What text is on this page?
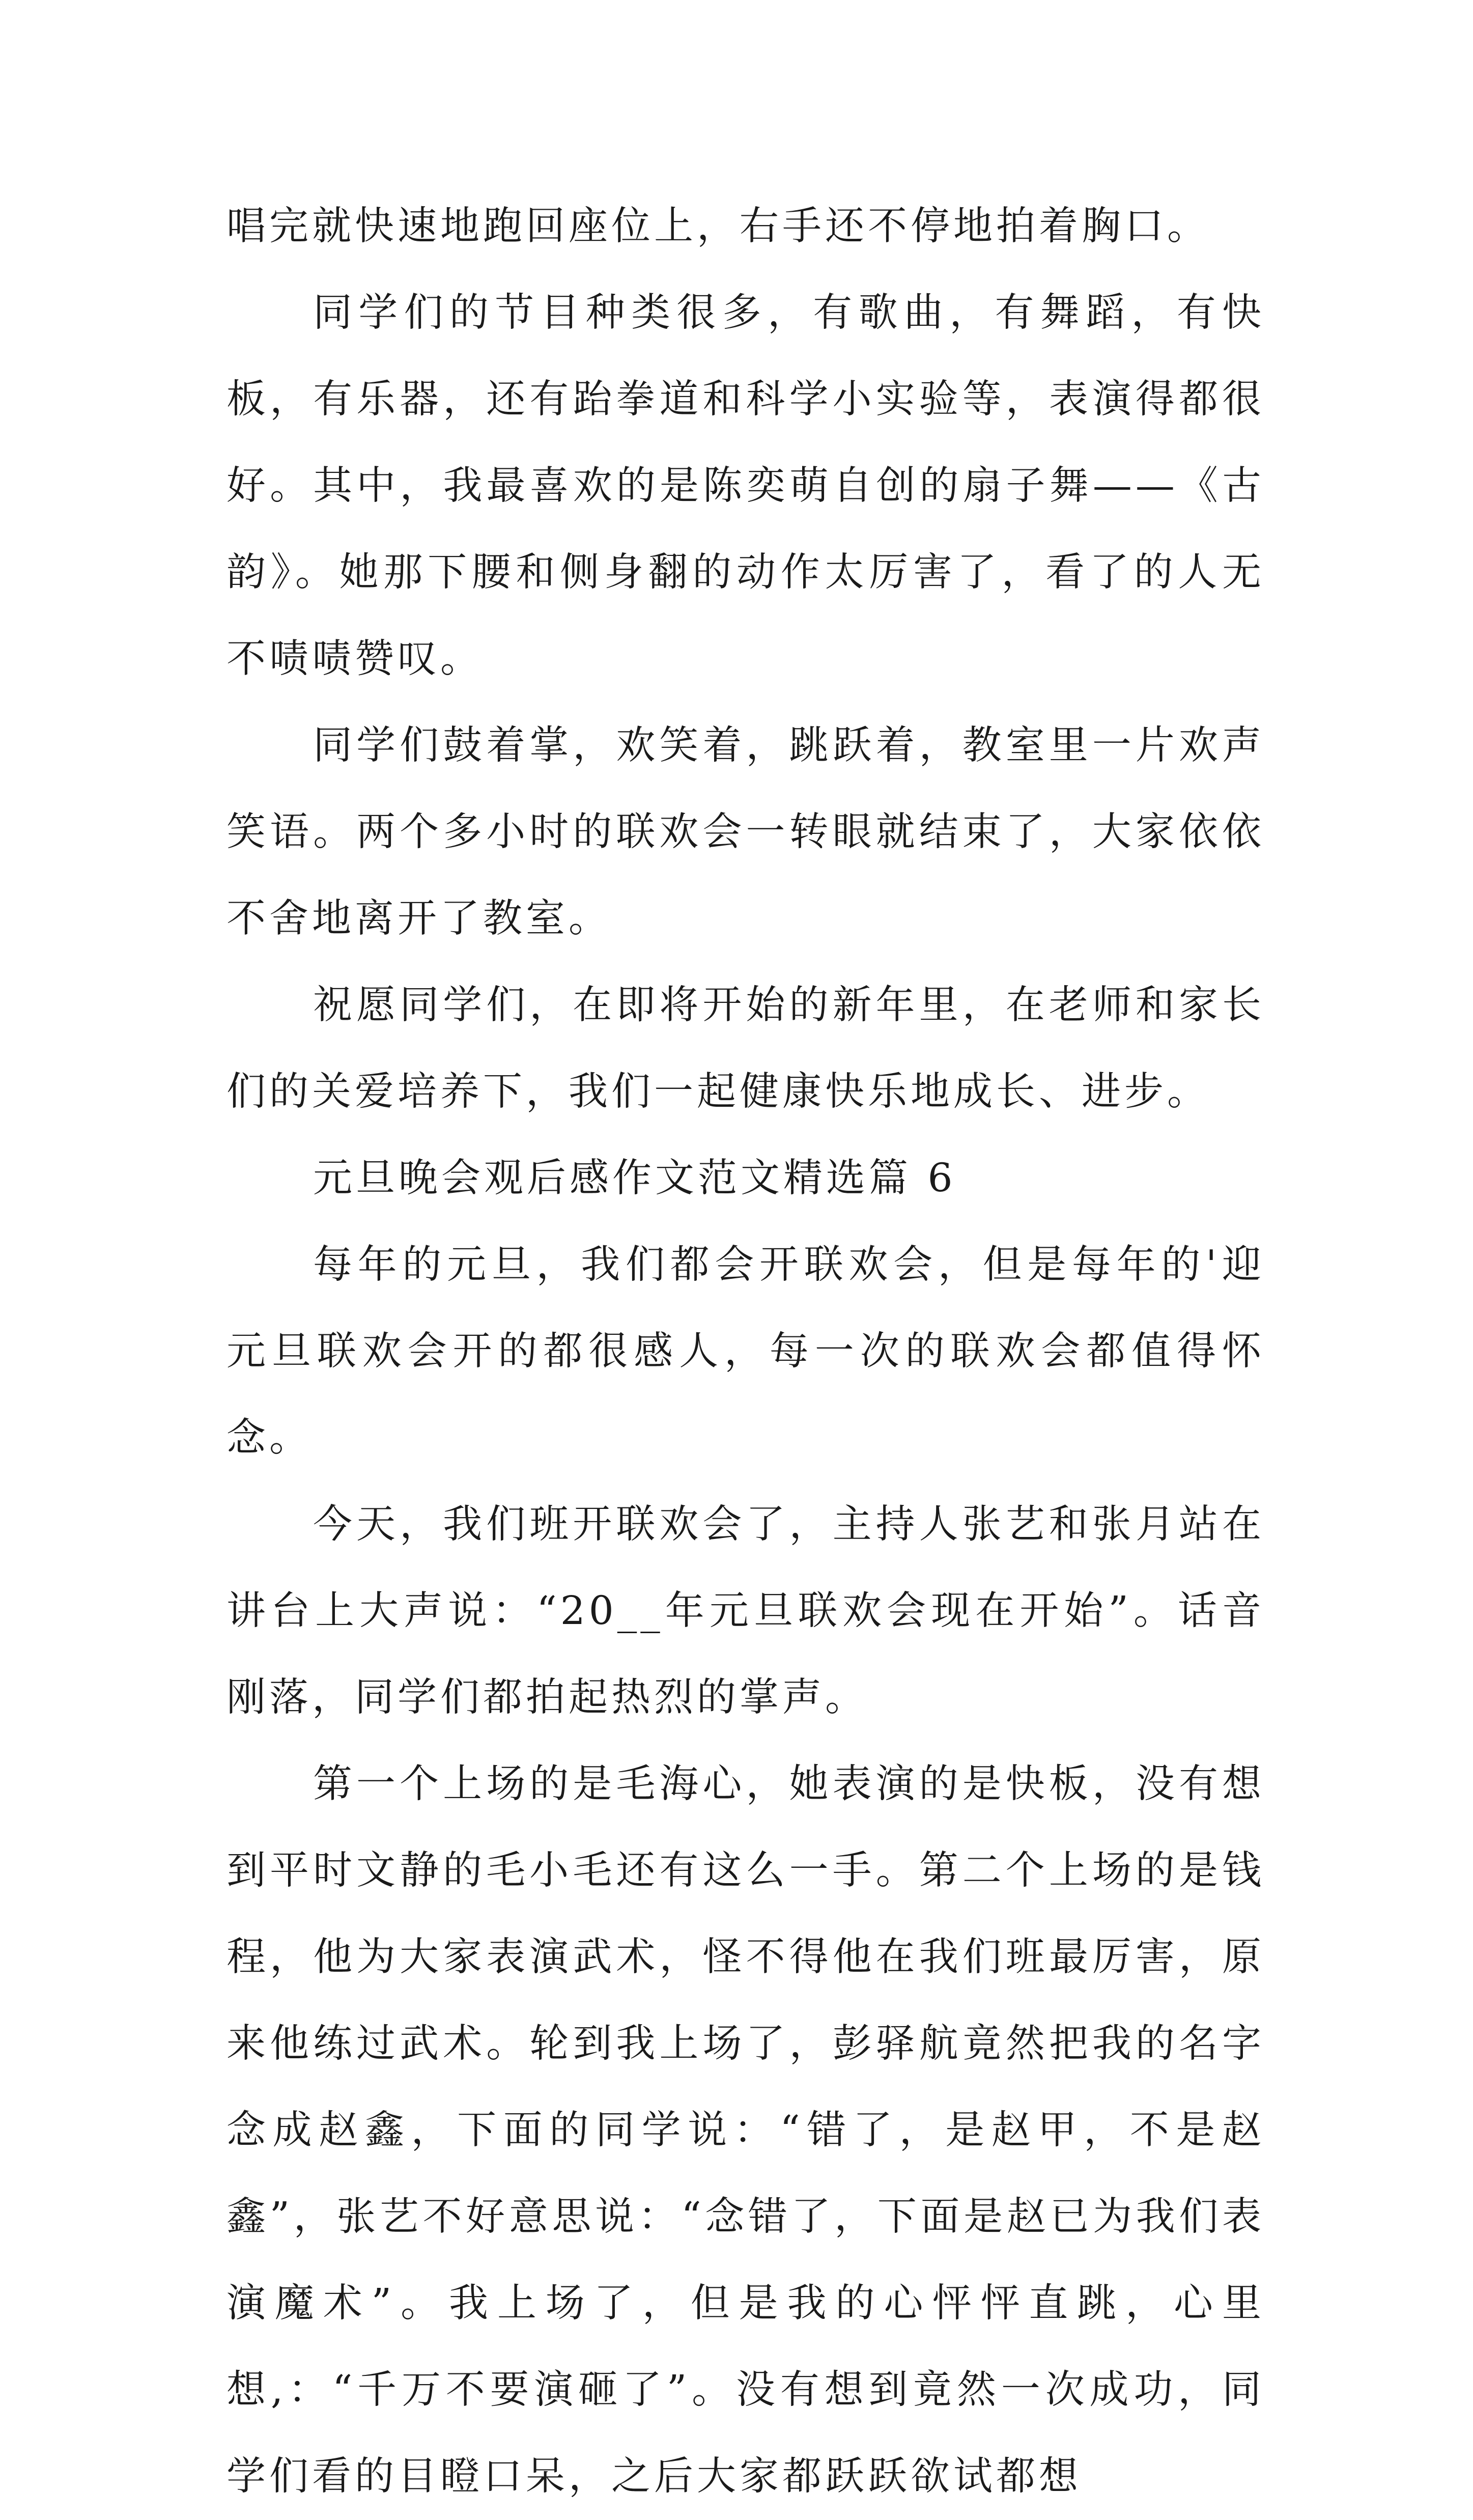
唱完就快速地跑回座位上，右手还不停地拍着胸口。

同学们的节目种类很多，有歌曲，有舞蹈，有快板，有乐器，还有跆拳道和科学小实验等，表演得都很好。其中，我最喜欢的是陈奕萌自创的扇子舞——《古韵》。她那下腰和侧身翻的动作太厉害了，看了的人无不啧啧赞叹。

同学们鼓着掌，欢笑着，跳跃着，教室里一片欢声笑语。两个多小时的联欢会一转眼就结束了，大家依依不舍地离开了教室。

祝愿同学们，在即将开始的新年里，在老师和家长们的关爱培养下，我们一起健康快乐地成长、进步。

元旦晚会观后感作文范文精选篇 6

每年的元旦，我们都会开联欢会，但是每年的'迎元旦联欢会开的都很感人，每一次的联欢会都值得怀念。

今天，我们班开联欢会了，主持人张艺和张月站在讲台上大声说：“20__年元旦联欢会现在开始”。话音刚落，同学们都拍起热烈的掌声。

第一个上场的是毛海心，她表演的是快板，没有想到平时文静的毛小毛还有这么一手。第二个上场的是钱程，他为大家表演武术，怪不得他在我们班最厉害，原来他练过武术。轮到我上场了，彭驿航竟然把我的名字念成赵鑫，下面的同学说：“错了，是赵甲，不是赵鑫”，张艺不好意思说：“念错了，下面是赵已为我们表演魔术”。我上场了，但是我的心怦怦直跳，心里想,：“千万不要演砸了”。没有想到竟然一次成功，同学们看的目瞪口呆，之后大家都跃跃欲试都想
